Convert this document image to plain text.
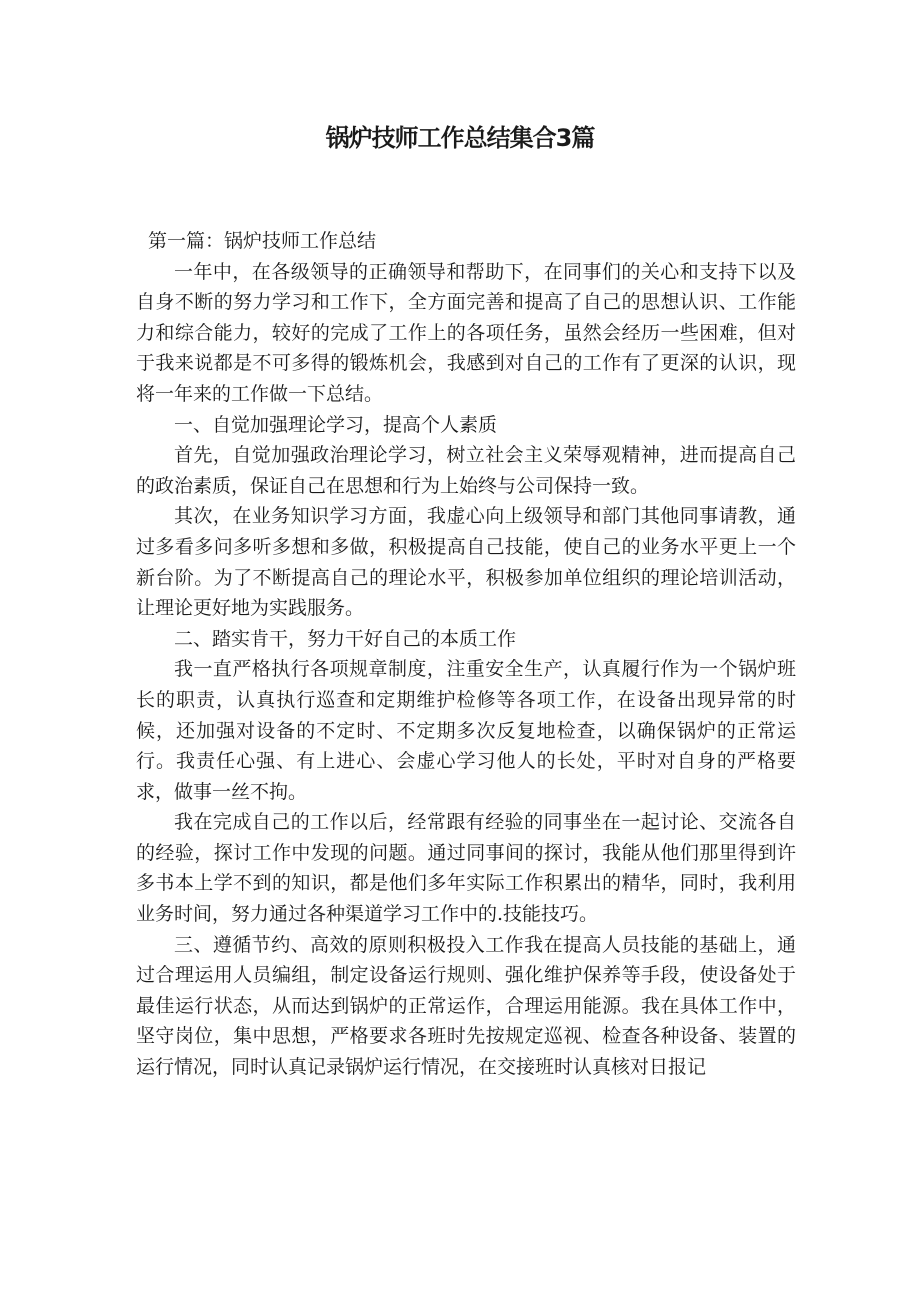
锅炉技师工作总结集合3篇

第一篇：锅炉技师工作总结

一年中，在各级领导的正确领导和帮助下，在同事们的关心和支持下以及自身不断的努力学习和工作下，全方面完善和提高了自己的思想认识、工作能力和综合能力，较好的完成了工作上的各项任务，虽然会经历一些困难，但对于我来说都是不可多得的锻炼机会，我感到对自己的工作有了更深的认识，现将一年来的工作做一下总结。

一、自觉加强理论学习，提高个人素质

首先，自觉加强政治理论学习，树立社会主义荣辱观精神，进而提高自己的政治素质，保证自己在思想和行为上始终与公司保持一致。

其次，在业务知识学习方面，我虚心向上级领导和部门其他同事请教，通过多看多问多听多想和多做，积极提高自己技能，使自己的业务水平更上一个新台阶。为了不断提高自己的理论水平，积极参加单位组织的理论培训活动，让理论更好地为实践服务。

二、踏实肯干，努力干好自己的本质工作

我一直严格执行各项规章制度，注重安全生产，认真履行作为一个锅炉班长的职责，认真执行巡查和定期维护检修等各项工作，在设备出现异常的时候，还加强对设备的不定时、不定期多次反复地检查，以确保锅炉的正常运行。我责任心强、有上进心、会虚心学习他人的长处，平时对自身的严格要求，做事一丝不拘。

我在完成自己的工作以后，经常跟有经验的同事坐在一起讨论、交流各自的经验，探讨工作中发现的问题。通过同事间的探讨，我能从他们那里得到许多书本上学不到的知识，都是他们多年实际工作积累出的精华，同时，我利用业务时间，努力通过各种渠道学习工作中的.技能技巧。

三、遵循节约、高效的原则积极投入工作我在提高人员技能的基础上，通过合理运用人员编组，制定设备运行规则、强化维护保养等手段，使设备处于最佳运行状态，从而达到锅炉的正常运作，合理运用能源。我在具体工作中，坚守岗位，集中思想，严格要求各班时先按规定巡视、检查各种设备、装置的运行情况，同时认真记录锅炉运行情况，在交接班时认真核对日报记
